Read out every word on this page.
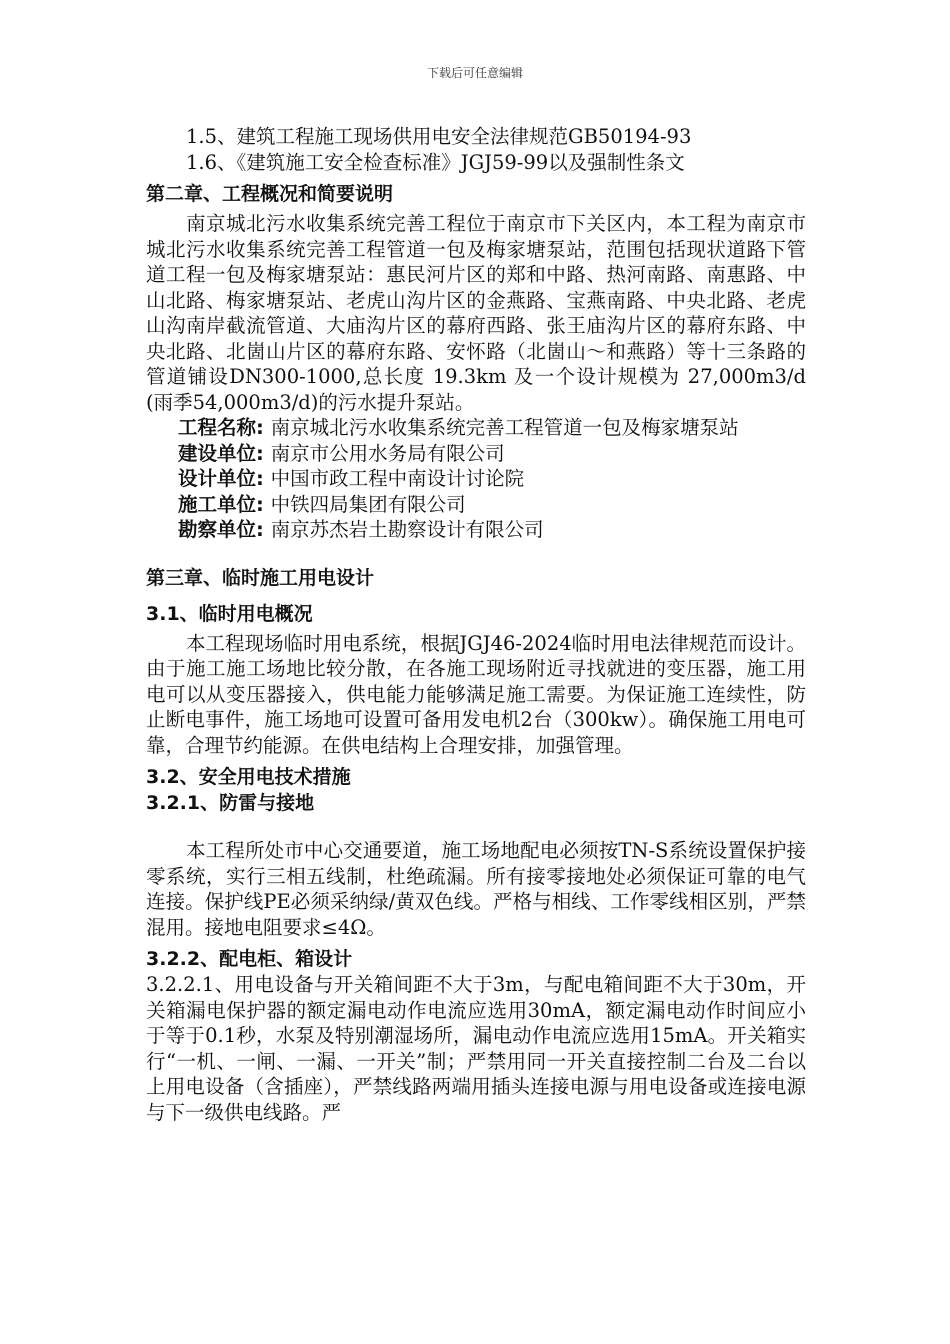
下载后可任意编辑

1.5、建筑工程施工现场供用电安全法律规范GB50194-93

1.6、《建筑施工安全检查标准》JGJ59-99以及强制性条文

第二章、工程概况和简要说明

南京城北污水收集系统完善工程位于南京市下关区内，本工程为南京市城北污水收集系统完善工程管道一包及梅家塘泵站，范围包括现状道路下管道工程一包及梅家塘泵站：惠民河片区的郑和中路、热河南路、南惠路、中山北路、梅家塘泵站、老虎山沟片区的金燕路、宝燕南路、中央北路、老虎山沟南岸截流管道、大庙沟片区的幕府西路、张王庙沟片区的幕府东路、中央北路、北崮山片区的幕府东路、安怀路（北崮山～和燕路）等十三条路的管道铺设DN300-1000,总长度 19.3km 及一个设计规模为 27,000m3/d (雨季54,000m3/d)的污水提升泵站。

工程名称: 南京城北污水收集系统完善工程管道一包及梅家塘泵站

建设单位: 南京市公用水务局有限公司

设计单位: 中国市政工程中南设计讨论院

施工单位: 中铁四局集团有限公司

勘察单位: 南京苏杰岩土勘察设计有限公司

第三章、临时施工用电设计

3.1、临时用电概况

本工程现场临时用电系统，根据JGJ46-2024临时用电法律规范而设计。由于施工施工场地比较分散，在各施工现场附近寻找就进的变压器，施工用电可以从变压器接入，供电能力能够满足施工需要。为保证施工连续性，防止断电事件，施工场地可设置可备用发电机2台（300kw）。确保施工用电可靠，合理节约能源。在供电结构上合理安排，加强管理。

3.2、安全用电技术措施

3.2.1、防雷与接地

本工程所处市中心交通要道，施工场地配电必须按TN-S系统设置保护接零系统，实行三相五线制，杜绝疏漏。所有接零接地处必须保证可靠的电气连接。保护线PE必须采纳绿/黄双色线。严格与相线、工作零线相区别，严禁混用。接地电阻要求≤4Ω。

3.2.2、配电柜、箱设计

3.2.2.1、用电设备与开关箱间距不大于3m，与配电箱间距不大于30m，开关箱漏电保护器的额定漏电动作电流应选用30mA，额定漏电动作时间应小于等于0.1秒，水泵及特别潮湿场所，漏电动作电流应选用15mA。开关箱实行“一机、一闸、一漏、一开关”制；严禁用同一开关直接控制二台及二台以上用电设备（含插座），严禁线路两端用插头连接电源与用电设备或连接电源与下一级供电线路。严
